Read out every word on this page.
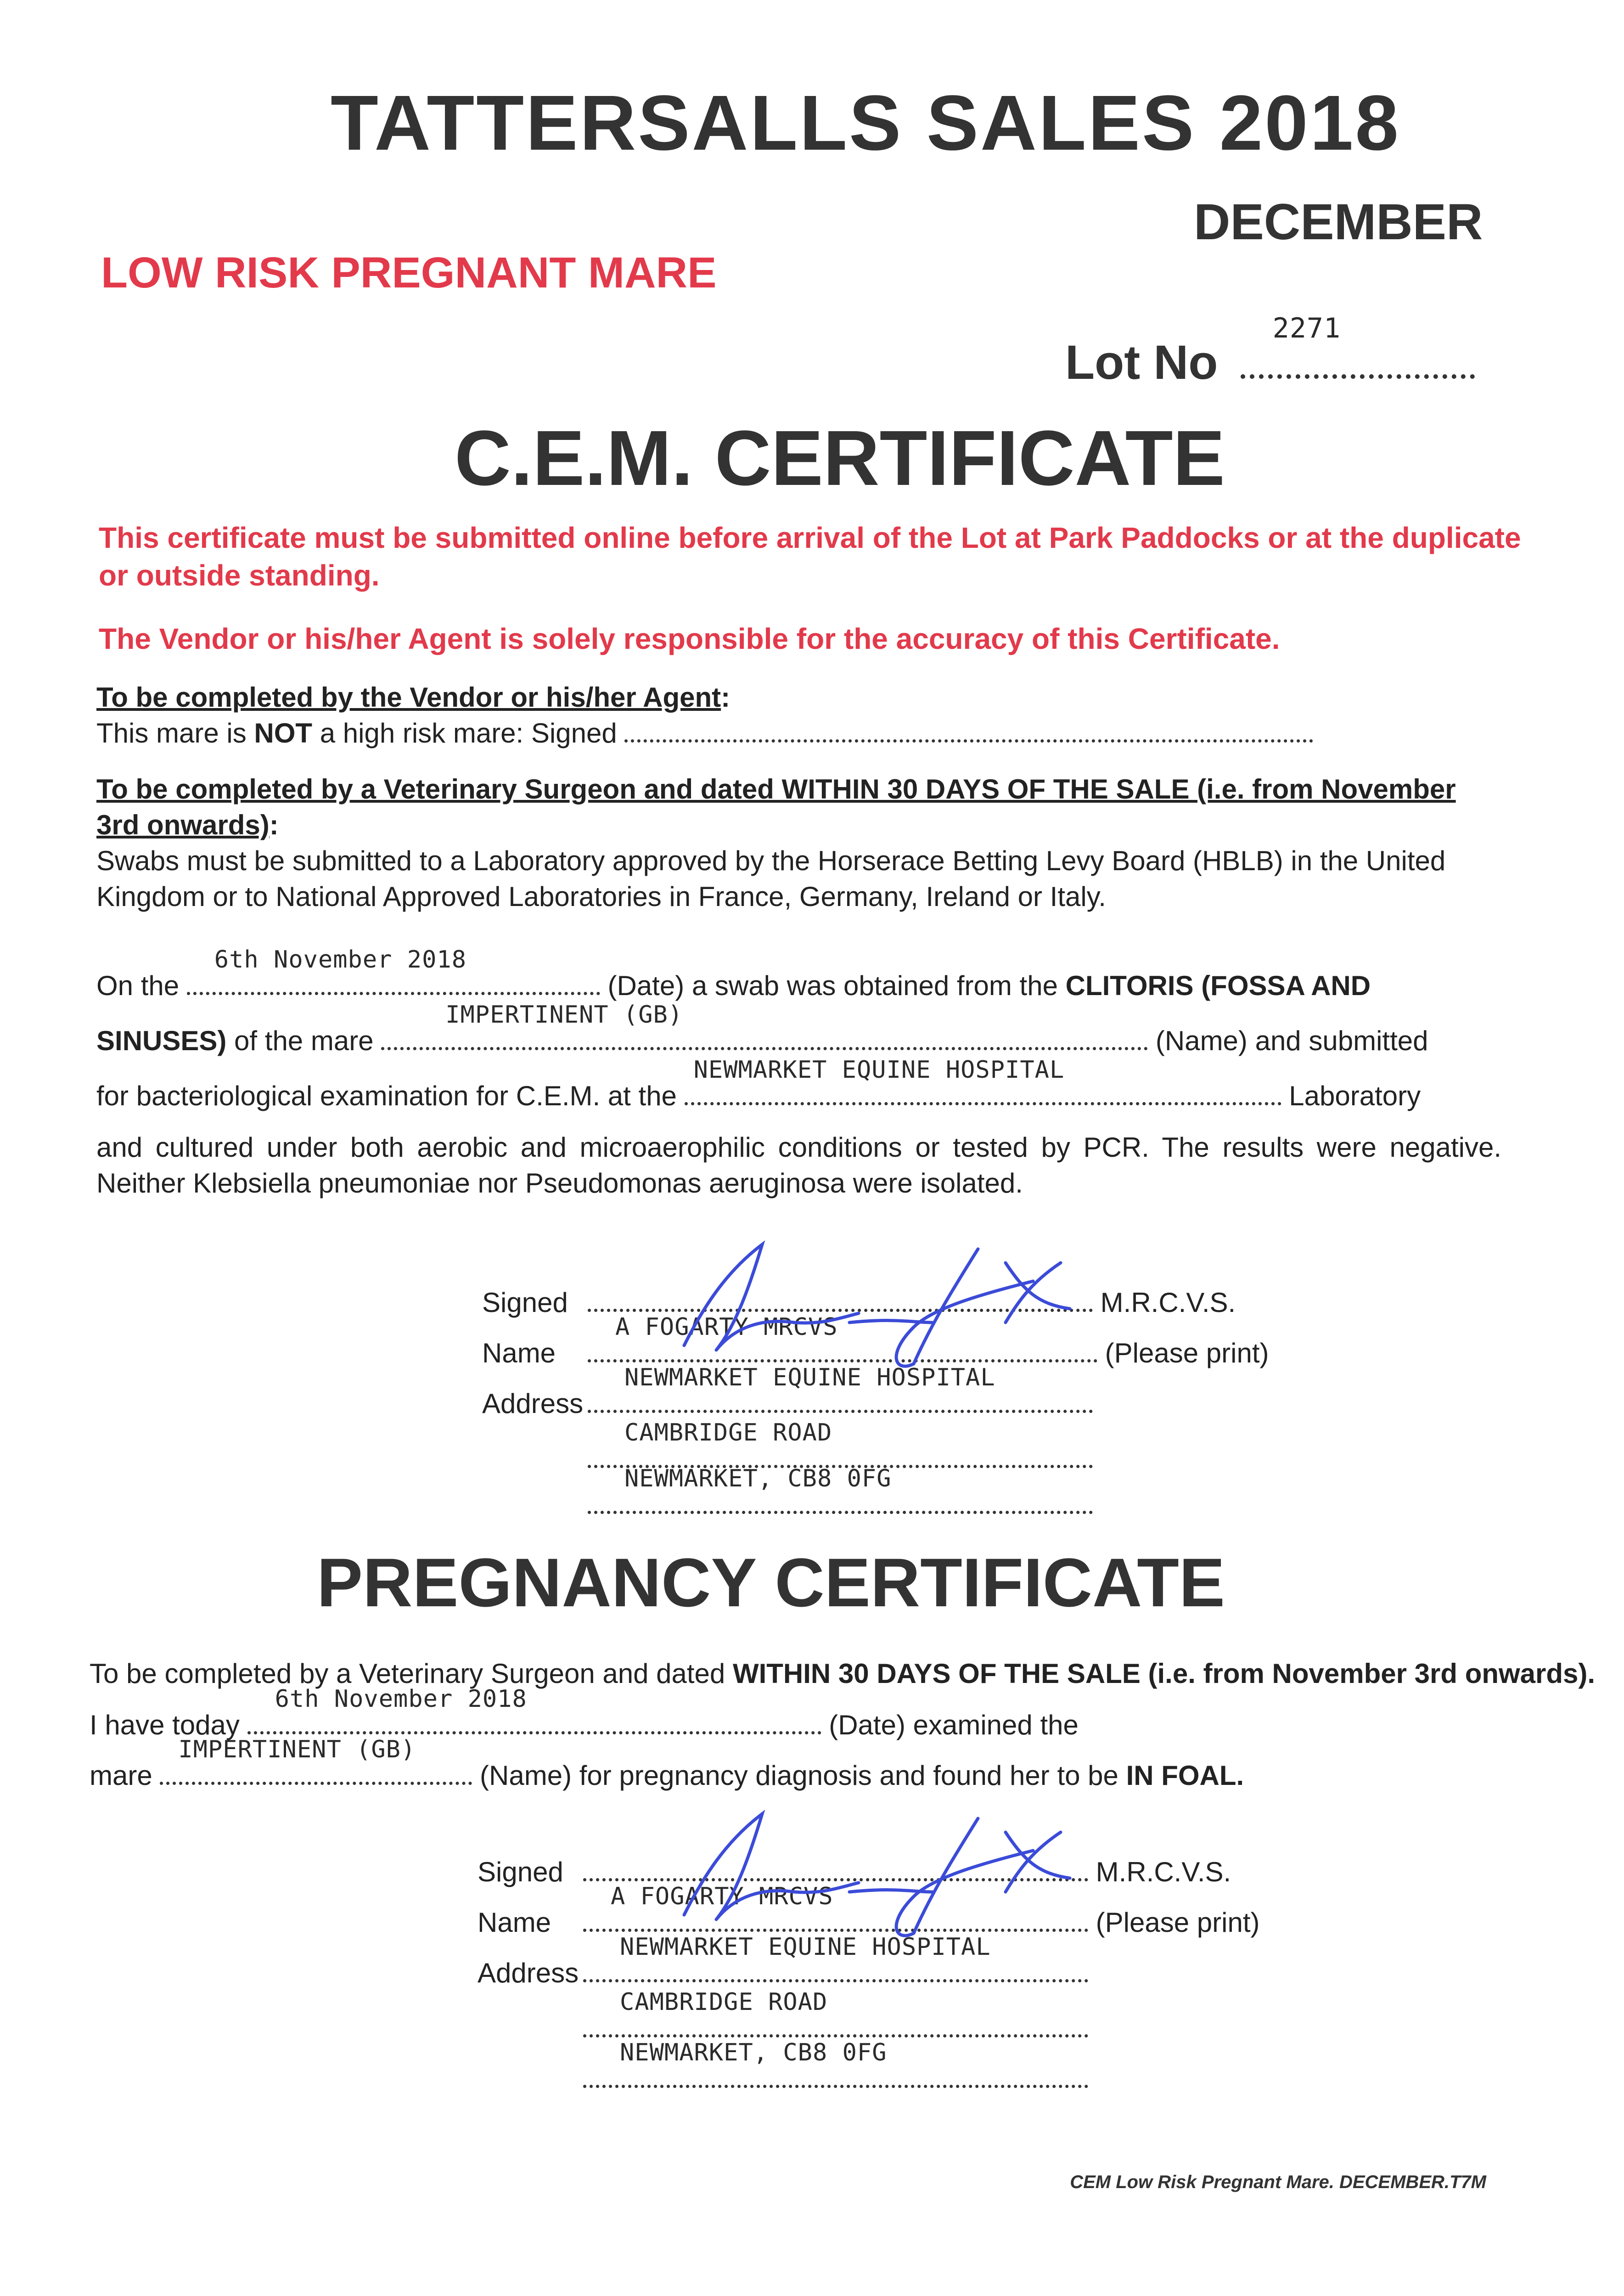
TATTERSALLS SALES 2018
DECEMBER
LOW RISK PREGNANT MARE
Lot No
2271
C.E.M. CERTIFICATE
This certificate must be submitted online before arrival of the Lot at Park Paddocks or at the duplicate or outside standing.
The Vendor or his/her Agent is solely responsible for the accuracy of this Certificate.
To be completed by the Vendor or his/her Agent:
This mare is NOT a high risk mare: Signed
To be completed by a Veterinary Surgeon and dated WITHIN 30 DAYS OF THE SALE (i.e. from November 3rd onwards):
Swabs must be submitted to a Laboratory approved by the Horserace Betting Levy Board (HBLB) in the United Kingdom or to National Approved Laboratories in France, Germany, Ireland or Italy.
On the
6th November 2018
(Date) a swab was obtained from the CLITORIS (FOSSA AND
SINUSES) of the mare
IMPERTINENT (GB)
(Name) and submitted
for bacteriological examination for C.E.M. at the
NEWMARKET EQUINE HOSPITAL
Laboratory
and cultured under both aerobic and microaerophilic conditions or tested by PCR. The results were negative. Neither Klebsiella pneumoniae nor Pseudomonas aeruginosa were isolated.
Signed	M.R.C.V.S.
Name
A FOGARTY MRCVS
(Please print)
Address
NEWMARKET EQUINE HOSPITAL
CAMBRIDGE ROAD
NEWMARKET, CB8 0FG
PREGNANCY CERTIFICATE
To be completed by a Veterinary Surgeon and dated WITHIN 30 DAYS OF THE SALE (i.e. from November 3rd onwards).
I have today
6th November 2018
(Date) examined the
mare
IMPERTINENT (GB)
(Name) for pregnancy diagnosis and found her to be IN FOAL.
Signed	M.R.C.V.S.
Name
A FOGARTY MRCVS
(Please print)
Address
NEWMARKET EQUINE HOSPITAL
CAMBRIDGE ROAD
NEWMARKET, CB8 0FG
CEM Low Risk Pregnant Mare. DECEMBER.T7M
